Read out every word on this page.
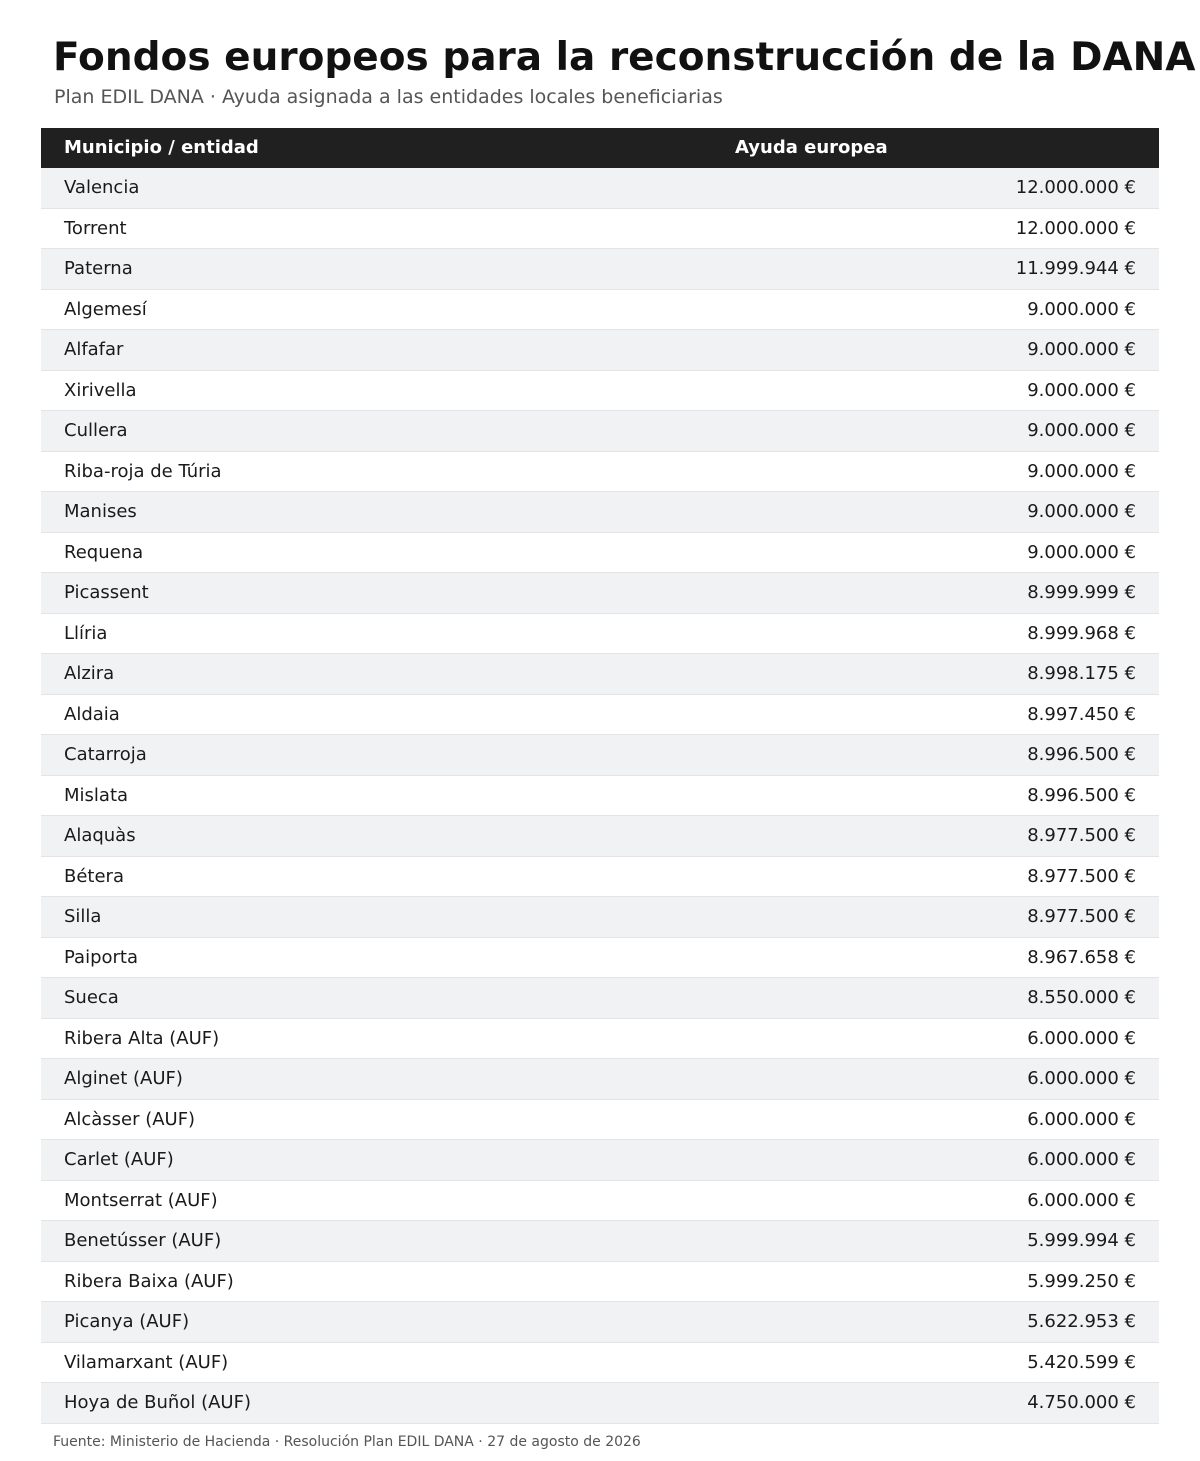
Fondos europeos para la reconstrucción de la DANA

Plan EDIL DANA · Ayuda asignada a las entidades locales beneficiarias

Municipio / entidad	Ayuda europea
Valencia	12.000.000 €
Torrent	12.000.000 €
Paterna	11.999.944 €
Algemesí	9.000.000 €
Alfafar	9.000.000 €
Xirivella	9.000.000 €
Cullera	9.000.000 €
Riba-roja de Túria	9.000.000 €
Manises	9.000.000 €
Requena	9.000.000 €
Picassent	8.999.999 €
Llíria	8.999.968 €
Alzira	8.998.175 €
Aldaia	8.997.450 €
Catarroja	8.996.500 €
Mislata	8.996.500 €
Alaquàs	8.977.500 €
Bétera	8.977.500 €
Silla	8.977.500 €
Paiporta	8.967.658 €
Sueca	8.550.000 €
Ribera Alta (AUF)	6.000.000 €
Alginet (AUF)	6.000.000 €
Alcàsser (AUF)	6.000.000 €
Carlet (AUF)	6.000.000 €
Montserrat (AUF)	6.000.000 €
Benetússer (AUF)	5.999.994 €
Ribera Baixa (AUF)	5.999.250 €
Picanya (AUF)	5.622.953 €
Vilamarxant (AUF)	5.420.599 €
Hoya de Buñol (AUF)	4.750.000 €

Fuente: Ministerio de Hacienda · Resolución Plan EDIL DANA · 27 de agosto de 2026
